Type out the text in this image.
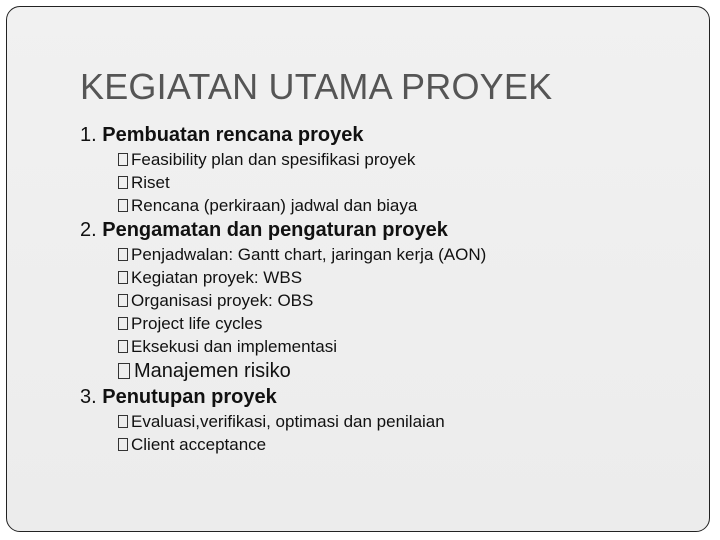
KEGIATAN UTAMA PROYEK
1. Pembuatan rencana proyek
Feasibility plan dan spesifikasi proyek
Riset
Rencana (perkiraan) jadwal dan biaya
2. Pengamatan dan pengaturan proyek
Penjadwalan: Gantt chart, jaringan kerja (AON)
Kegiatan proyek: WBS
Organisasi proyek: OBS
Project life cycles
Eksekusi dan implementasi
Manajemen risiko
3. Penutupan proyek
Evaluasi,verifikasi, optimasi dan penilaian
Client acceptance
